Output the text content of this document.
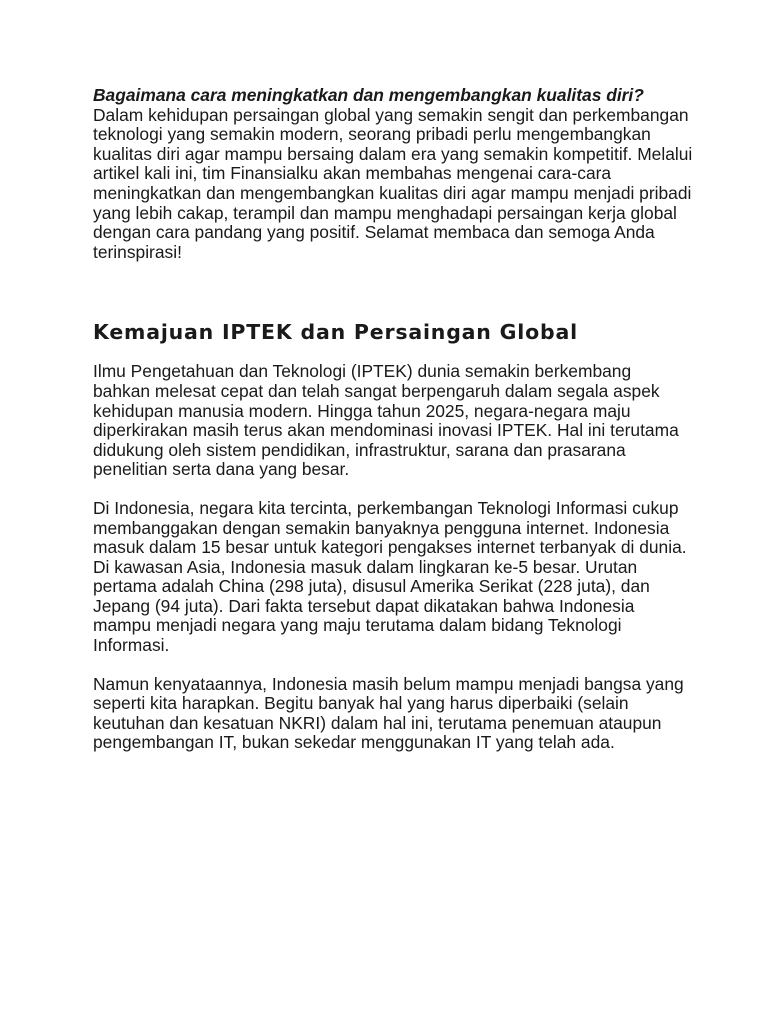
Bagaimana cara meningkatkan dan mengembangkan kualitas diri? Dalam kehidupan persaingan global yang semakin sengit dan perkembangan teknologi yang semakin modern, seorang pribadi perlu mengembangkan kualitas diri agar mampu bersaing dalam era yang semakin kompetitif. Melalui artikel kali ini, tim Finansialku akan membahas mengenai cara-cara meningkatkan dan mengembangkan kualitas diri agar mampu menjadi pribadi yang lebih cakap, terampil dan mampu menghadapi persaingan kerja global dengan cara pandang yang positif. Selamat membaca dan semoga Anda terinspirasi!

Kemajuan IPTEK dan Persaingan Global

Ilmu Pengetahuan dan Teknologi (IPTEK) dunia semakin berkembang bahkan melesat cepat dan telah sangat berpengaruh dalam segala aspek kehidupan manusia modern. Hingga tahun 2025, negara-negara maju diperkirakan masih terus akan mendominasi inovasi IPTEK. Hal ini terutama didukung oleh sistem pendidikan, infrastruktur, sarana dan prasarana penelitian serta dana yang besar.

Di Indonesia, negara kita tercinta, perkembangan Teknologi Informasi cukup membanggakan dengan semakin banyaknya pengguna internet. Indonesia masuk dalam 15 besar untuk kategori pengakses internet terbanyak di dunia. Di kawasan Asia, Indonesia masuk dalam lingkaran ke-5 besar. Urutan pertama adalah China (298 juta), disusul Amerika Serikat (228 juta), dan Jepang (94 juta). Dari fakta tersebut dapat dikatakan bahwa Indonesia mampu menjadi negara yang maju terutama dalam bidang Teknologi Informasi.

Namun kenyataannya, Indonesia masih belum mampu menjadi bangsa yang seperti kita harapkan. Begitu banyak hal yang harus diperbaiki (selain keutuhan dan kesatuan NKRI) dalam hal ini, terutama penemuan ataupun pengembangan IT, bukan sekedar menggunakan IT yang telah ada.
